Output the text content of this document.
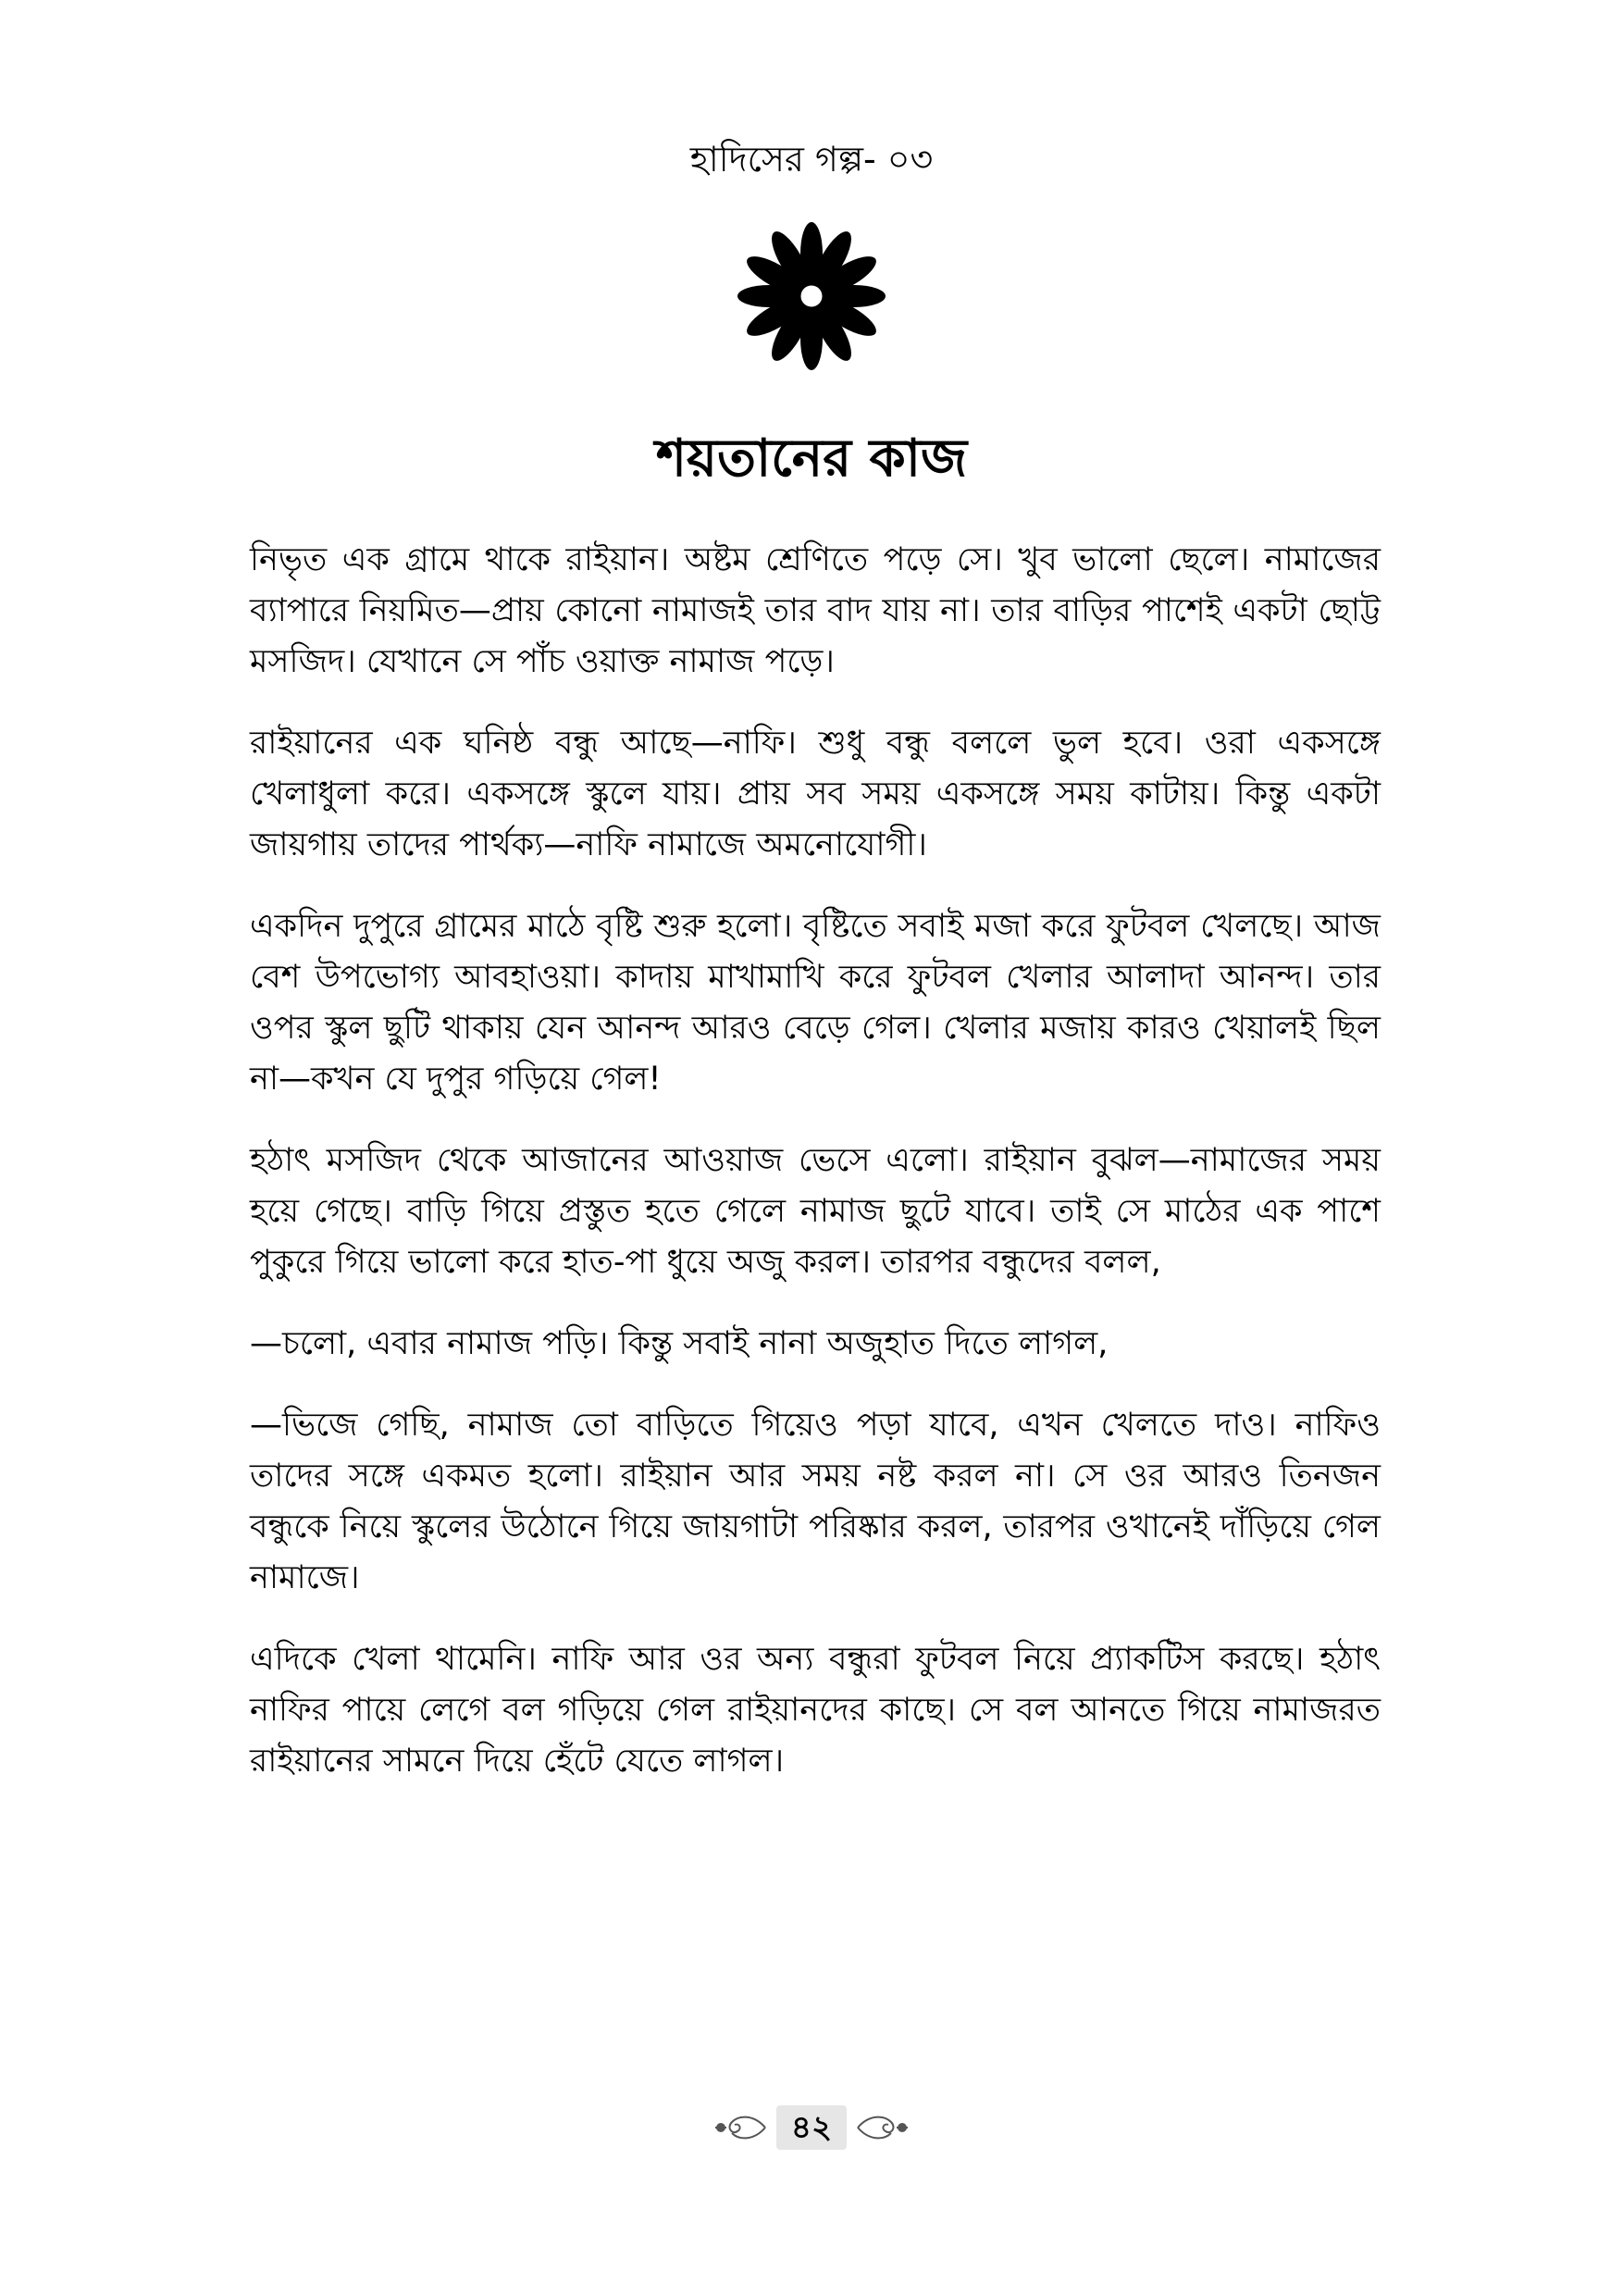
হাদিসের গল্প- ০৩
শয়তানের কাজ

নিভৃত এক গ্রামে থাকে রাইয়ান। অষ্টম শ্রেণিতে পড়ে সে। খুব ভালো ছেলে। নামাজের ব্যাপারে নিয়মিত—প্রায় কোনো নামাজই তার বাদ যায় না। তার বাড়ির পাশেই একটা ছোট্ট মসজিদ। যেখানে সে পাঁচ ওয়াক্ত নামাজ পড়ে।

রাইয়ানের এক ঘনিষ্ঠ বন্ধু আছে—নাফি। শুধু বন্ধু বললে ভুল হবে। ওরা একসঙ্গে খেলাধুলা করে। একসঙ্গে স্কুলে যায়। প্রায় সব সময় একসঙ্গে সময় কাটায়। কিন্তু একটা জায়গায় তাদের পার্থক্য—নাফি নামাজে অমনোযোগী।

একদিন দুপুরে গ্রামের মাঠে বৃষ্টি শুরু হলো। বৃষ্টিতে সবাই মজা করে ফুটবল খেলছে। আজ বেশ উপভোগ্য আবহাওয়া। কাদায় মাখামাখি করে ফুটবল খেলার আলাদা আনন্দ। তার ওপর স্কুল ছুটি থাকায় যেন আনন্দ আরও বেড়ে গেল। খেলার মজায় কারও খেয়ালই ছিল না—কখন যে দুপুর গড়িয়ে গেল!

হঠাৎ মসজিদ থেকে আজানের আওয়াজ ভেসে এলো। রাইয়ান বুঝল—নামাজের সময় হয়ে গেছে। বাড়ি গিয়ে প্রস্তুত হতে গেলে নামাজ ছুটে যাবে। তাই সে মাঠের এক পাশে পুকুরে গিয়ে ভালো করে হাত-পা ধুয়ে অজু করল। তারপর বন্ধুদের বলল,

—চলো, এবার নামাজ পড়ি। কিন্তু সবাই নানা অজুহাত দিতে লাগল,

—ভিজে গেছি, নামাজ তো বাড়িতে গিয়েও পড়া যাবে, এখন খেলতে দাও। নাফিও তাদের সঙ্গে একমত হলো। রাইয়ান আর সময় নষ্ট করল না। সে ওর আরও তিনজন বন্ধুকে নিয়ে স্কুলের উঠোনে গিয়ে জায়গাটা পরিষ্কার করল, তারপর ওখানেই দাঁড়িয়ে গেল নামাজে।

এদিকে খেলা থামেনি। নাফি আর ওর অন্য বন্ধুরা ফুটবল নিয়ে প্র্যাকটিস করছে। হঠাৎ নাফির পায়ে লেগে বল গড়িয়ে গেল রাইয়ানদের কাছে। সে বল আনতে গিয়ে নামাজরত রাইয়ানের সামনে দিয়ে হেঁটে যেতে লাগল।

৪২
